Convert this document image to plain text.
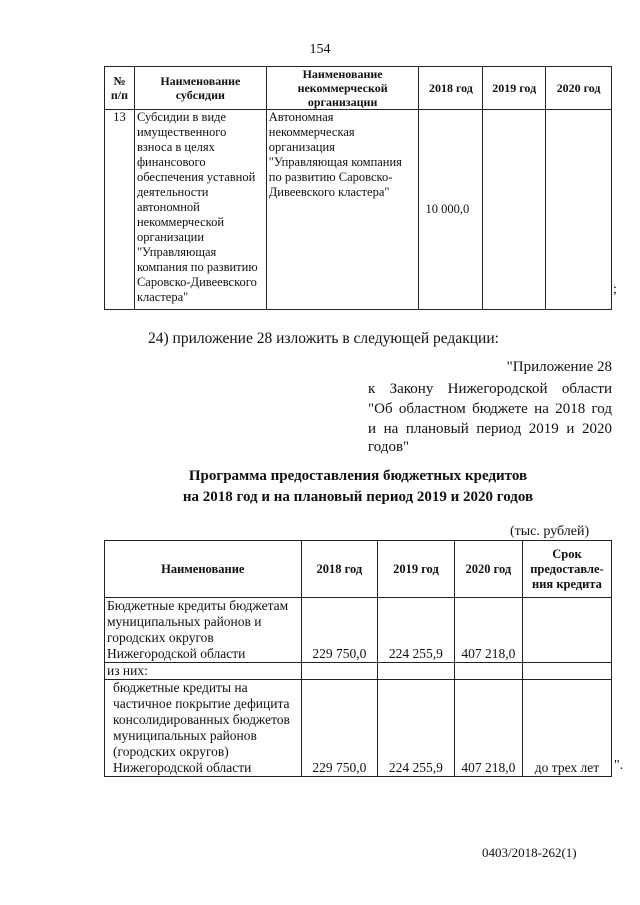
154
№ п/п	Наименование субсидии	Наименование некоммерческой организации	2018 год	2019 год	2020 год
13	Субсидии в виде имущественного взноса в целях финансового обеспечения уставной деятельности автономной некоммерческой организации "Управляющая компания по развитию Саровско-Дивеевского кластера"	Автономная некоммерческая организация "Управляющая компания по развитию Саровско-Дивеевского кластера"	10 000,0		
;
24) приложение 28 изложить в следующей редакции:
"Приложение 28
к Закону Нижегородской области
"Об областном бюджете на 2018 год
и на плановый период 2019 и 2020
годов"
Программа предоставления бюджетных кредитов
на 2018 год и на плановый период 2019 и 2020 годов
(тыс. рублей)
Наименование	2018 год	2019 год	2020 год	Срок предоставле-ния кредита
Бюджетные кредиты бюджетам муниципальных районов и городских округов Нижегородской области	229 750,0	224 255,9	407 218,0	
из них:				
бюджетные кредиты на частичное покрытие дефицита консолидированных бюджетов муниципальных районов (городских округов) Нижегородской области	229 750,0	224 255,9	407 218,0	до трех лет ".
0403/2018-262(1)
